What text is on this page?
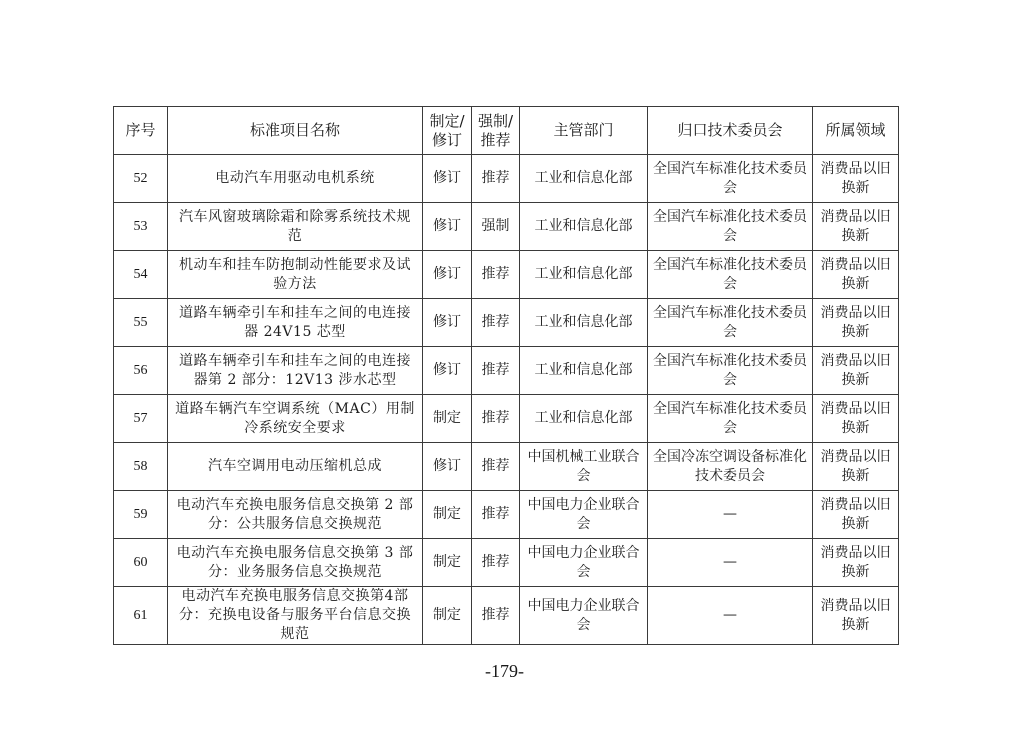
序号	标准项目名称	制定/修订	强制/推荐	主管部门	归口技术委员会	所属领域
52	电动汽车用驱动电机系统	修订	推荐	工业和信息化部	全国汽车标准化技术委员会	消费品以旧换新
53	汽车风窗玻璃除霜和除雾系统技术规范	修订	强制	工业和信息化部	全国汽车标准化技术委员会	消费品以旧换新
54	机动车和挂车防抱制动性能要求及试验方法	修订	推荐	工业和信息化部	全国汽车标准化技术委员会	消费品以旧换新
55	道路车辆牵引车和挂车之间的电连接器 24V15 芯型	修订	推荐	工业和信息化部	全国汽车标准化技术委员会	消费品以旧换新
56	道路车辆牵引车和挂车之间的电连接器第 2 部分：12V13 涉水芯型	修订	推荐	工业和信息化部	全国汽车标准化技术委员会	消费品以旧换新
57	道路车辆汽车空调系统（MAC）用制冷系统安全要求	制定	推荐	工业和信息化部	全国汽车标准化技术委员会	消费品以旧换新
58	汽车空调用电动压缩机总成	修订	推荐	中国机械工业联合会	全国冷冻空调设备标准化技术委员会	消费品以旧换新
59	电动汽车充换电服务信息交换第 2 部分：公共服务信息交换规范	制定	推荐	中国电力企业联合会	—	消费品以旧换新
60	电动汽车充换电服务信息交换第 3 部分：业务服务信息交换规范	制定	推荐	中国电力企业联合会	—	消费品以旧换新
61	电动汽车充换电服务信息交换第4部分：充换电设备与服务平台信息交换规范	制定	推荐	中国电力企业联合会	—	消费品以旧换新
-179-
